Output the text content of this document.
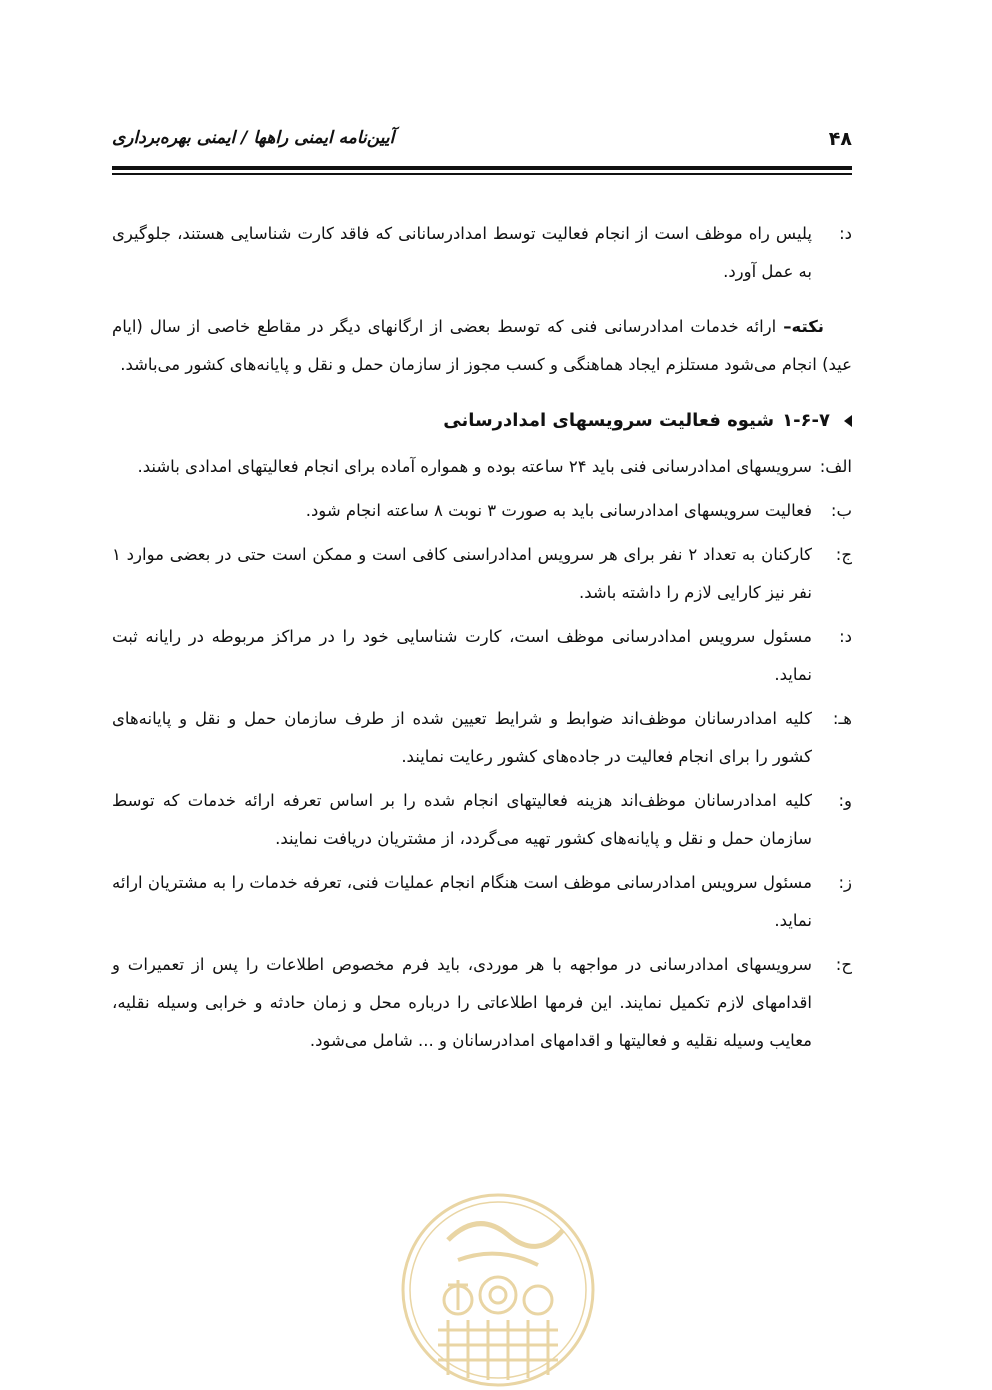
۴۸
آیین‌نامه ایمنی راهها / ایمنی بهره‌برداری
د:
پلیس راه موظف است از انجام فعالیت توسط امدادرسانانی که فاقد کارت شناسایی هستند، جلوگیری به عمل آورد.

نکته– ارائه خدمات امدادرسانی فنی که توسط بعضی از ارگانهای دیگر در مقاطع خاصی از سال (ایام عید) انجام می‌شود مستلزم ایجاد هماهنگی و کسب مجوز از سازمان حمل و نقل و پایانه‌های کشور می‌باشد.

۱-۶-۷
شیوه فعالیت سرویسهای امدادرسانی
الف:
سرویسهای امدادرسانی فنی باید ۲۴ ساعته بوده و همواره آماده برای انجام فعالیتهای امدادی باشند.
ب:
فعالیت سرویسهای امدادرسانی باید به صورت ۳ نوبت ۸ ساعته انجام شود.
ج:
کارکنان به تعداد ۲ نفر برای هر سرویس امدادراسنی کافی است و ممکن است حتی در بعضی موارد ۱ نفر نیز کارایی لازم را داشته باشد.
د:
مسئول سرویس امدادرسانی موظف است، کارت شناسایی خود را در مراکز مربوطه در رایانه ثبت نماید.
هـ:
کلیه امدادرسانان موظف‌اند ضوابط و شرایط تعیین شده از طرف سازمان حمل و نقل و پایانه‌های کشور را برای انجام فعالیت در جاده‌های کشور رعایت نمایند.
و:
کلیه امدادرسانان موظف‌اند هزینه فعالیتهای انجام شده را بر اساس تعرفه ارائه خدمات که توسط سازمان حمل و نقل و پایانه‌های کشور تهیه می‌گردد، از مشتریان دریافت نمایند.
ز:
مسئول سرویس امدادرسانی موظف است هنگام انجام عملیات فنی، تعرفه خدمات را به مشتریان ارائه نماید.
ح:
سرویسهای امدادرسانی در مواجهه با هر موردی، باید فرم مخصوص اطلاعات را پس از تعمیرات و اقدامهای لازم تکمیل نمایند. این فرمها اطلاعاتی را درباره محل و زمان حادثه و خرابی وسیله نقلیه، معایب وسیله نقلیه و فعالیتها و اقدامهای امدادرسانان و ... شامل می‌شود.
